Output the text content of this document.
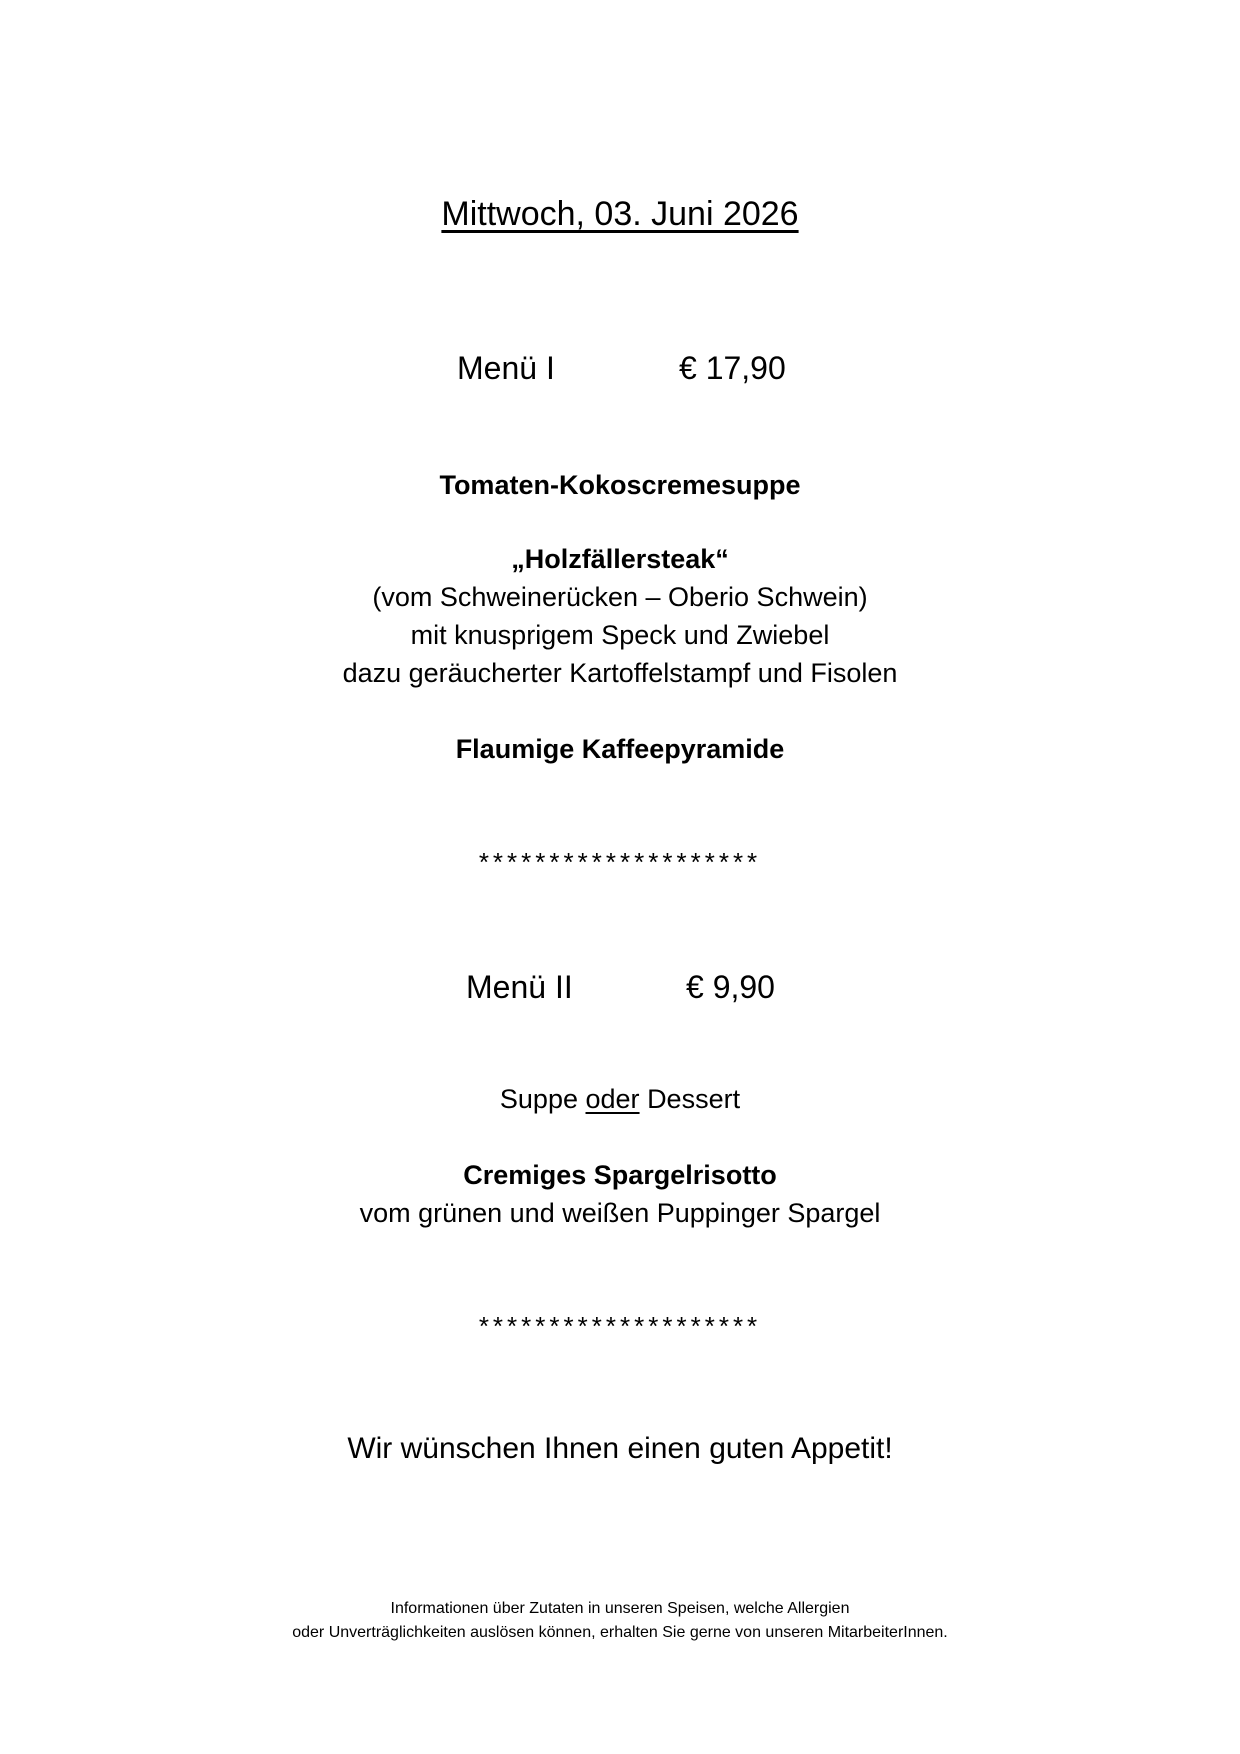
Mittwoch, 03. Juni 2026
Menü I	€ 17,90
Tomaten-Kokoscremesuppe
„Holzfällersteak“
(vom Schweinerücken – Oberio Schwein)
mit knusprigem Speck und Zwiebel
dazu geräucherter Kartoffelstampf und Fisolen
Flaumige Kaffeepyramide
********************
Menü II	€ 9,90
Suppe oder Dessert
Cremiges Spargelrisotto
vom grünen und weißen Puppinger Spargel
********************
Wir wünschen Ihnen einen guten Appetit!
Informationen über Zutaten in unseren Speisen, welche Allergien
oder Unverträglichkeiten auslösen können, erhalten Sie gerne von unseren MitarbeiterInnen.
